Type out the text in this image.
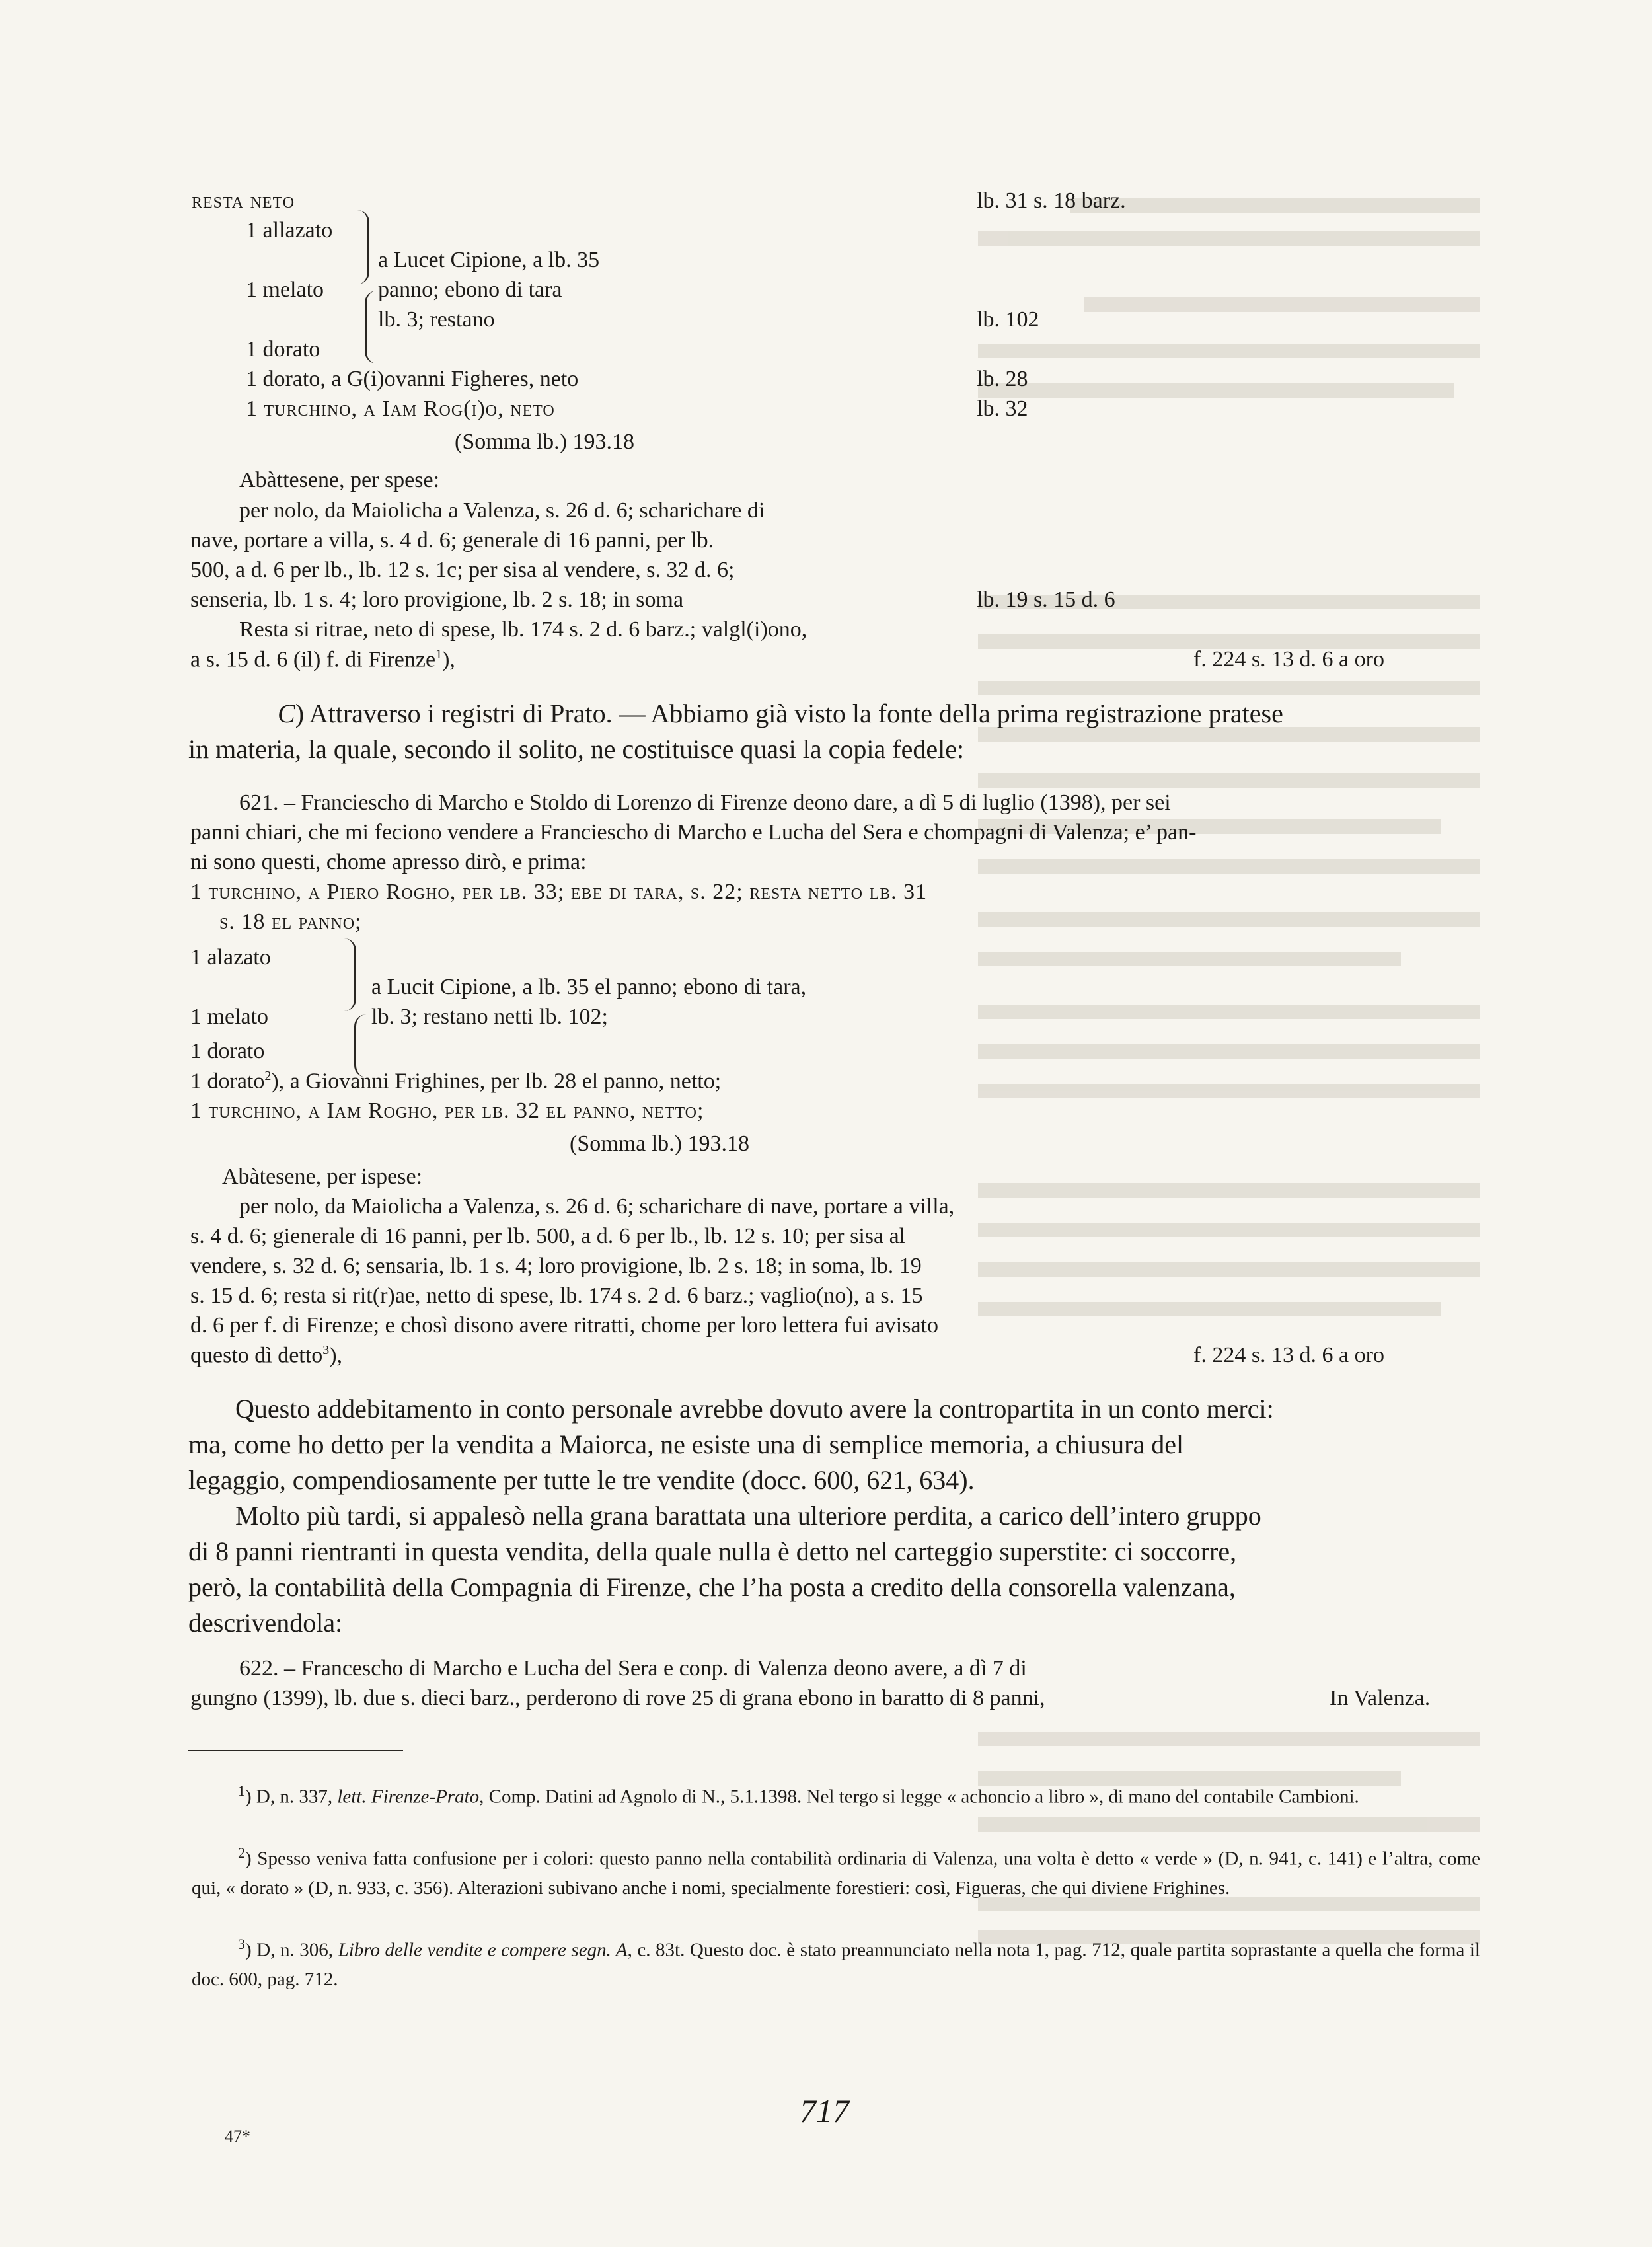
resta neto	lb. 31 s. 18 barz.
1 allazato
1 melato
1 dorato
a Lucet Cipione, a lb. 35
panno; ebono di tara
lb. 3; restano	lb. 102
1 dorato, a G(i)ovanni Figheres, neto	lb. 28
1 turchino, a Iam Rog(i)o, neto	lb. 32
(Somma lb.) 193.18
Abàttesene, per spese:
per nolo, da Maiolicha a Valenza, s. 26 d. 6; scharichare di
nave, portare a villa, s. 4 d. 6; generale di 16 panni, per lb.
500, a d. 6 per lb., lb. 12 s. 1c; per sisa al vendere, s. 32 d. 6;
senseria, lb. 1 s. 4; loro provigione, lb. 2 s. 18; in soma	lb. 19 s. 15 d. 6
Resta si ritrae, neto di spese, lb. 174 s. 2 d. 6 barz.; valgl(i)ono,
a s. 15 d. 6 (il) f. di Firenze$^1$),	f. 224 s. 13 d. 6 a oro
C) Attraverso i registri di Prato. — Abbiamo già visto la fonte della prima registrazione pratese
in materia, la quale, secondo il solito, ne costituisce quasi la copia fedele:
621. – Franciescho di Marcho e Stoldo di Lorenzo di Firenze deono dare, a dì 5 di luglio (1398), per sei
panni chiari, che mi feciono vendere a Franciescho di Marcho e Lucha del Sera e chompagni di Valenza; e’ pan-
ni sono questi, chome apresso dirò, e prima:
1 turchino, a Piero Rogho, per lb. 33; ebe di tara, s. 22; resta netto lb. 31
s. 18 el panno;
1 alazato
1 melato
1 dorato
a Lucit Cipione, a lb. 35 el panno; ebono di tara,
lb. 3; restano netti lb. 102;
1 dorato$^2$), a Giovanni Frighines, per lb. 28 el panno, netto;
1 turchino, a Iam Rogho, per lb. 32 el panno, netto;
(Somma lb.) 193.18
Abàtesene, per ispese:
per nolo, da Maiolicha a Valenza, s. 26 d. 6; scharichare di nave, portare a villa,
s. 4 d. 6; gienerale di 16 panni, per lb. 500, a d. 6 per lb., lb. 12 s. 10; per sisa al
vendere, s. 32 d. 6; sensaria, lb. 1 s. 4; loro provigione, lb. 2 s. 18; in soma, lb. 19
s. 15 d. 6; resta si rit(r)ae, netto di spese, lb. 174 s. 2 d. 6 barz.; vaglio(no), a s. 15
d. 6 per f. di Firenze; e chosì disono avere ritratti, chome per loro lettera fui avisato
questo dì detto$^3$),	f. 224 s. 13 d. 6 a oro
Questo addebitamento in conto personale avrebbe dovuto avere la contropartita in un conto merci:
ma, come ho detto per la vendita a Maiorca, ne esiste una di semplice memoria, a chiusura del
legaggio, compendiosamente per tutte le tre vendite (docc. 600, 621, 634).
Molto più tardi, si appalesò nella grana barattata una ulteriore perdita, a carico dell’intero gruppo
di 8 panni rientranti in questa vendita, della quale nulla è detto nel carteggio superstite: ci soccorre,
però, la contabilità della Compagnia di Firenze, che l’ha posta a credito della consorella valenzana,
descrivendola:
622. – Francescho di Marcho e Lucha del Sera e conp. di Valenza deono avere, a dì 7 di
gungno (1399), lb. due s. dieci barz., perderono di rove 25 di grana ebono in baratto di 8 panni,	In Valenza.
$^1$) D, n. 337, lett. Firenze-Prato, Comp. Datini ad Agnolo di N., 5.1.1398. Nel tergo si legge « achoncio a libro », di mano del contabile Cambioni.
$^2$) Spesso veniva fatta confusione per i colori: questo panno nella contabilità ordinaria di Valenza, una volta è detto « verde » (D, n. 941, c. 141) e l’altra, come qui, « dorato » (D, n. 933, c. 356). Alterazioni subivano anche i nomi, specialmente forestieri: così, Figueras, che qui diviene Frighines.
$^3$) D, n. 306, Libro delle vendite e compere segn. A, c. 83t. Questo doc. è stato preannunciato nella nota 1, pag. 712, quale partita soprastante a quella che forma il doc. 600, pag. 712.
717
47*
